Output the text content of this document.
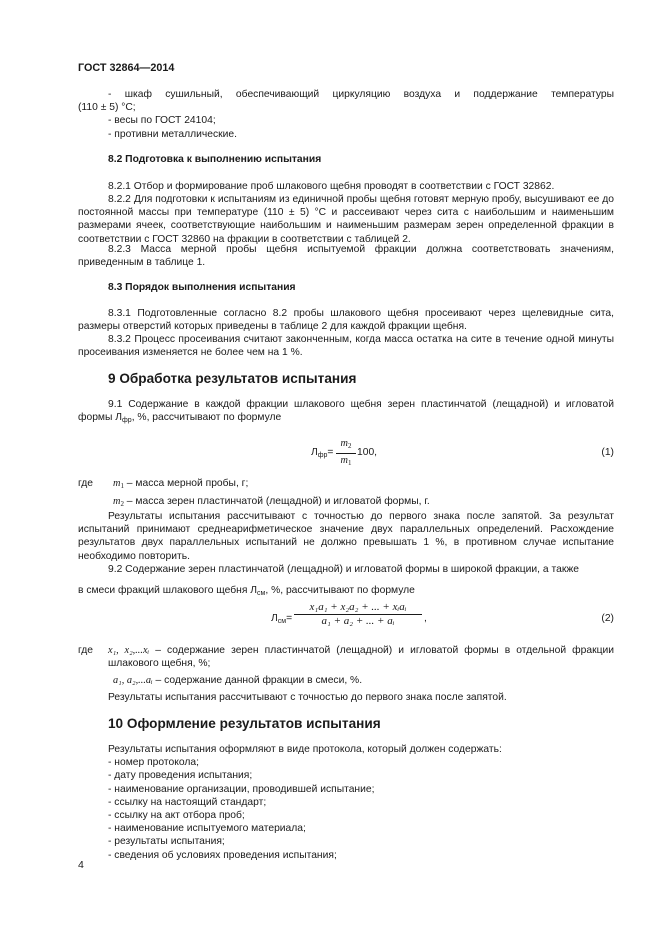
ГОСТ 32864—2014
- шкаф сушильный, обеспечивающий циркуляцию воздуха и поддержание температуры
(110 ± 5) °C;
- весы по ГОСТ 24104;
- противни металлические.
8.2 Подготовка к выполнению испытания

8.2.1 Отбор и формирование проб шлакового щебня проводят в соответствии с ГОСТ 32862.

8.2.2 Для подготовки к испытаниям из единичной пробы щебня готовят мерную пробу, высушивают ее до постоянной массы при температуре (110 ± 5) °C и рассеивают через сита с наибольшим и наименьшим размерами ячеек, соответствующие наибольшим и наименьшим размерам зерен определенной фракции в соответствии с ГОСТ 32860 на фракции в соответствии с таблицей 2.

8.2.3 Масса мерной пробы щебня испытуемой фракции должна соответствовать значениям, приведенным в таблице 1.

8.3 Порядок выполнения испытания

8.3.1 Подготовленные согласно 8.2 пробы шлакового щебня просеивают через щелевидные сита, размеры отверстий которых приведены в таблице 2 для каждой фракции щебня.

8.3.2 Процесс просеивания считают законченным, когда масса остатка на сите в течение одной минуты просеивания изменяется не более чем на 1 %.

9 Обработка результатов испытания

9.1 Содержание в каждой фракции шлакового щебня зерен пластинчатой (лещадной) и игловатой формы $Л_{фр}$, %, рассчитывают по формуле

$Л_{фр}=$
$m_2$
$m_1$
100,	(1)
где $m_1$ – масса мерной пробы, г;
$m_2$ – масса зерен пластинчатой (лещадной) и игловатой формы, г.

Результаты испытания рассчитывают с точностью до первого знака после запятой. За результат испытаний принимают среднеарифметическое значение двух параллельных определений. Расхождение результатов двух параллельных испытаний не должно превышать 1 %, в противном случае испытание необходимо повторить.

9.2 Содержание зерен пластинчатой (лещадной) и игловатой формы в широкой фракции, а также

в смеси фракций шлакового щебня $Л_{см}$, %, рассчитывают по формуле

$Л_{см}=$
x₁a₁ + x₂a₂ + ... + xᵢaᵢ
a₁ + a₂ + ... + aᵢ	,	(2)
где x₁, x₂,...xᵢ – содержание зерен пластинчатой (лещадной) и игловатой формы в отдельной фракции шлакового щебня, %;
a₁, a₂,...aᵢ – содержание данной фракции в смеси, %.

Результаты испытания рассчитывают с точностью до первого знака после запятой.

10 Оформление результатов испытания
Результаты испытания оформляют в виде протокола, который должен содержать:
- номер протокола;
- дату проведения испытания;
- наименование организации, проводившей испытание;
- ссылку на настоящий стандарт;
- ссылку на акт отбора проб;
- наименование испытуемого материала;
- результаты испытания;
- сведения об условиях проведения испытания;
4
